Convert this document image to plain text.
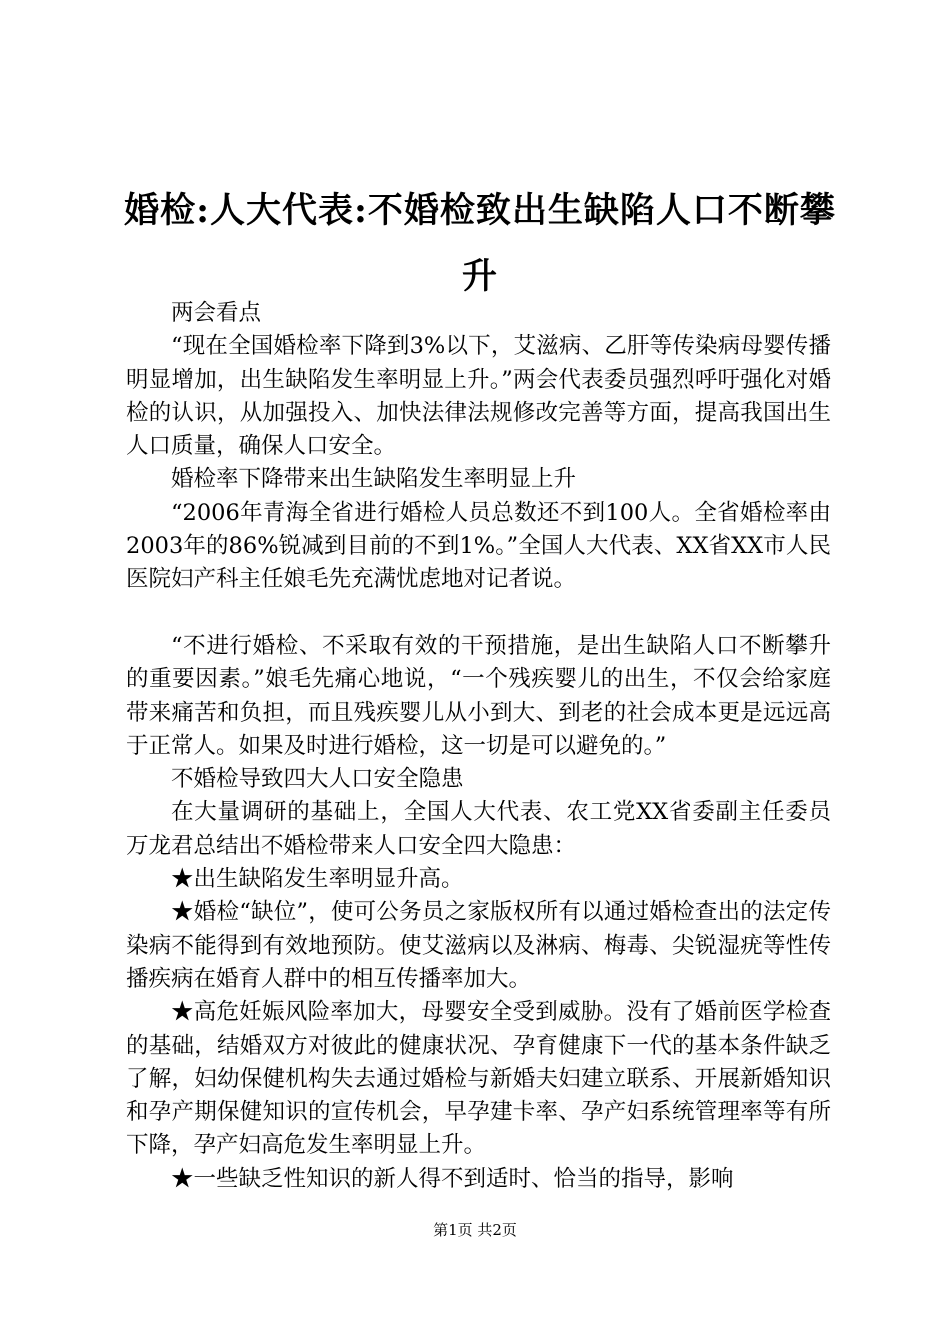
婚检:人大代表:不婚检致出生缺陷人口不断攀升

两会看点

“现在全国婚检率下降到3%以下，艾滋病、乙肝等传染病母婴传播明显增加，出生缺陷发生率明显上升。”两会代表委员强烈呼吁强化对婚检的认识，从加强投入、加快法律法规修改完善等方面，提高我国出生人口质量，确保人口安全。

婚检率下降带来出生缺陷发生率明显上升

“2006年青海全省进行婚检人员总数还不到100人。全省婚检率由2003年的86%锐减到目前的不到1%。”全国人大代表、XX省XX市人民医院妇产科主任娘毛先充满忧虑地对记者说。

“不进行婚检、不采取有效的干预措施，是出生缺陷人口不断攀升的重要因素。”娘毛先痛心地说，“一个残疾婴儿的出生，不仅会给家庭带来痛苦和负担，而且残疾婴儿从小到大、到老的社会成本更是远远高于正常人。如果及时进行婚检，这一切是可以避免的。”

不婚检导致四大人口安全隐患

在大量调研的基础上，全国人大代表、农工党XX省委副主任委员万龙君总结出不婚检带来人口安全四大隐患：

★出生缺陷发生率明显升高。

★婚检“缺位”，使可公务员之家版权所有以通过婚检查出的法定传染病不能得到有效地预防。使艾滋病以及淋病、梅毒、尖锐湿疣等性传播疾病在婚育人群中的相互传播率加大。

★高危妊娠风险率加大，母婴安全受到威胁。没有了婚前医学检查的基础，结婚双方对彼此的健康状况、孕育健康下一代的基本条件缺乏了解，妇幼保健机构失去通过婚检与新婚夫妇建立联系、开展新婚知识和孕产期保健知识的宣传机会，早孕建卡率、孕产妇系统管理率等有所下降，孕产妇高危发生率明显上升。

★一些缺乏性知识的新人得不到适时、恰当的指导，影响

第1页 共2页
